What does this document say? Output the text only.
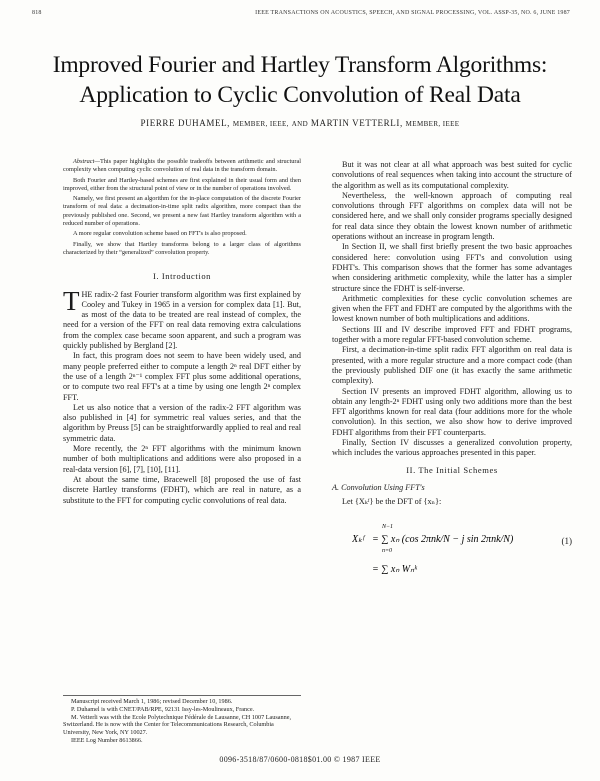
818	IEEE TRANSACTIONS ON ACOUSTICS, SPEECH, AND SIGNAL PROCESSING, VOL. ASSP-35, NO. 6, JUNE 1987
Improved Fourier and Hartley Transform Algorithms:
Application to Cyclic Convolution of Real Data
PIERRE DUHAMEL, MEMBER, IEEE, AND MARTIN VETTERLI, MEMBER, IEEE

Abstract—This paper highlights the possible tradeoffs between arithmetic and structural complexity when computing cyclic convolution of real data in the transform domain.

Both Fourier and Hartley-based schemes are first explained in their usual form and then improved, either from the structural point of view or in the number of operations involved.

Namely, we first present an algorithm for the in-place computation of the discrete Fourier transform of real data: a decimation-in-time split radix algorithm, more compact than the previously published one. Second, we present a new fast Hartley transform algorithm with a reduced number of operations.

A more regular convolution scheme based on FFT's is also proposed.

Finally, we show that Hartley transforms belong to a larger class of algorithms characterized by their “generalized” convolution property.

I. Introduction

THE radix-2 fast Fourier transform algorithm was first explained by Cooley and Tukey in 1965 in a version for complex data [1]. But, as most of the data to be treated are real instead of complex, the need for a version of the FFT on real data removing extra calculations from the complex case became soon apparent, and such a program was quickly published by Bergland [2].

In fact, this program does not seem to have been widely used, and many people preferred either to compute a length 2ⁿ real DFT either by the use of a length 2ⁿ⁻¹ complex FFT plus some additional operations, or to compute two real FFT's at a time by using one length 2ⁿ complex FFT.

Let us also notice that a version of the radix-2 FFT algorithm was also published in [4] for symmetric real values series, and that the algorithm by Preuss [5] can be straightforwardly applied to real and real symmetric data.

More recently, the 2ⁿ FFT algorithms with the minimum known number of both multiplications and additions were also proposed in a real-data version [6], [7], [10], [11].

At about the same time, Bracewell [8] proposed the use of fast discrete Hartley transforms (FDHT), which are real in nature, as a substitute to the FFT for computing cyclic convolutions of real data.

Manuscript received March 1, 1986; revised December 10, 1986.

P. Duhamel is with CNET/PAB/RPE, 92131 Issy-les-Moulineaux, France.

M. Vetterli was with the Ecole Polytechnique Fédérale de Lausanne, CH 1007 Lausanne, Switzerland. He is now with the Center for Telecommunications Research, Columbia University, New York, NY 10027.

IEEE Log Number 8613866.

But it was not clear at all what approach was best suited for cyclic convolutions of real sequences when taking into account the structure of the algorithm as well as its computational complexity.

Nevertheless, the well-known approach of computing real convolutions through FFT algorithms on complex data will not be considered here, and we shall only consider programs specially designed for real data since they obtain the lowest known number of arithmetic operations without an increase in program length.

In Section II, we shall first briefly present the two basic approaches considered here: convolution using FFT's and convolution using FDHT's. This comparison shows that the former has some advantages when considering arithmetic complexity, while the latter has a simpler structure since the FDHT is self-inverse.

Arithmetic complexities for these cyclic convolution schemes are given when the FFT and FDHT are computed by the algorithms with the lowest known number of both multiplications and additions.

Sections III and IV describe improved FFT and FDHT programs, together with a more regular FFT-based convolution scheme.

First, a decimation-in-time split radix FFT algorithm on real data is presented, with a more regular structure and a more compact code (than the previously published DIF one (it has exactly the same arithmetic complexity).

Section IV presents an improved FDHT algorithm, allowing us to obtain any length-2ⁿ FDHT using only two additions more than the best FFT algorithms known for real data (four additions more for the whole convolution). In this section, we also show how to derive improved FDHT algorithms from their FFT counterparts.

Finally, Section IV discusses a generalized convolution property, which includes the various approaches presented in this paper.

II. The Initial Schemes
A. Convolution Using FFT's

Let {Xₖᶠ} be the DFT of {xₙ}:

Xₖᶠ = ∑ xₙ (cos 2πnk/N − j sin 2πnk/N)
N−1
n=0
= ∑ xₙ Wₙᵏ
(1)
0096-3518/87/0600-0818$01.00 © 1987 IEEE
